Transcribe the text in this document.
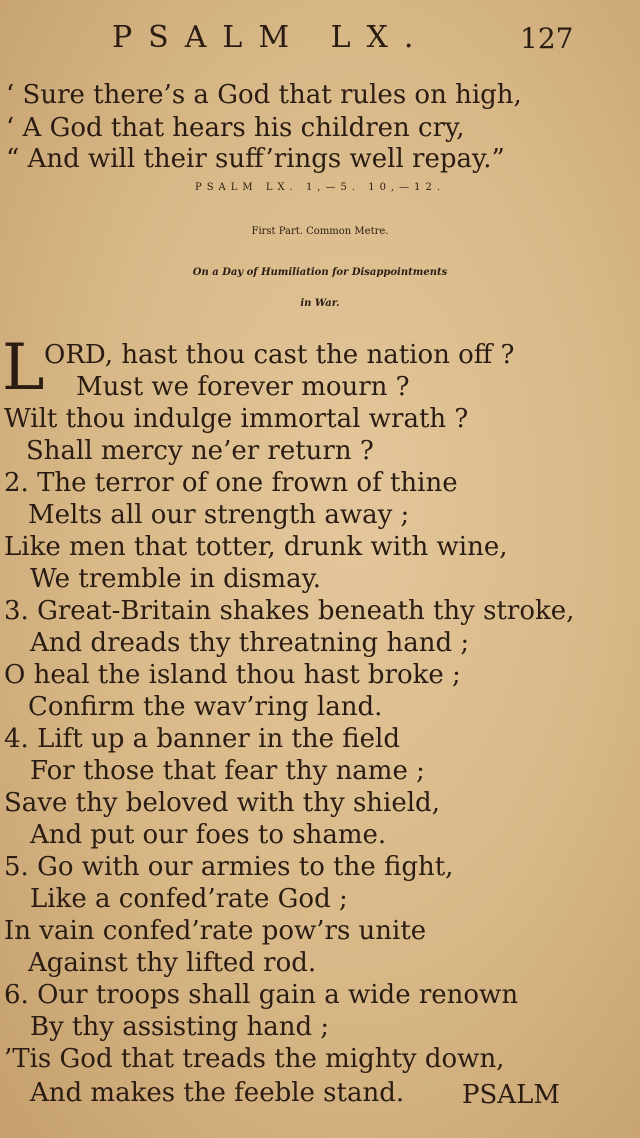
PSALM LX.	127
‘ Sure there’s a God that rules on high,
‘ A God that hears his children cry,
“ And will their suff’rings well repay.”
PSALM LX. 1,—5. 10,—12.
First Part. Common Metre.
On a Day of Humiliation for Disappointments
in War.
L ORD, hast thou cast the nation off ?
Must we forever mourn ?
Wilt thou indulge immortal wrath ?
Shall mercy ne’er return ?
2. The terror of one frown of thine
Melts all our strength away ;
Like men that totter, drunk with wine,
We tremble in dismay.
3. Great-Britain shakes beneath thy stroke,
And dreads thy threatning hand ;
O heal the island thou hast broke ;
Confirm the wav’ring land.
4. Lift up a banner in the field
For those that fear thy name ;
Save thy beloved with thy shield,
And put our foes to shame.
5. Go with our armies to the fight,
Like a confed’rate God ;
In vain confed’rate pow’rs unite
Against thy lifted rod.
6. Our troops shall gain a wide renown
By thy assisting hand ;
’Tis God that treads the mighty down,
And makes the feeble stand. PSALM
